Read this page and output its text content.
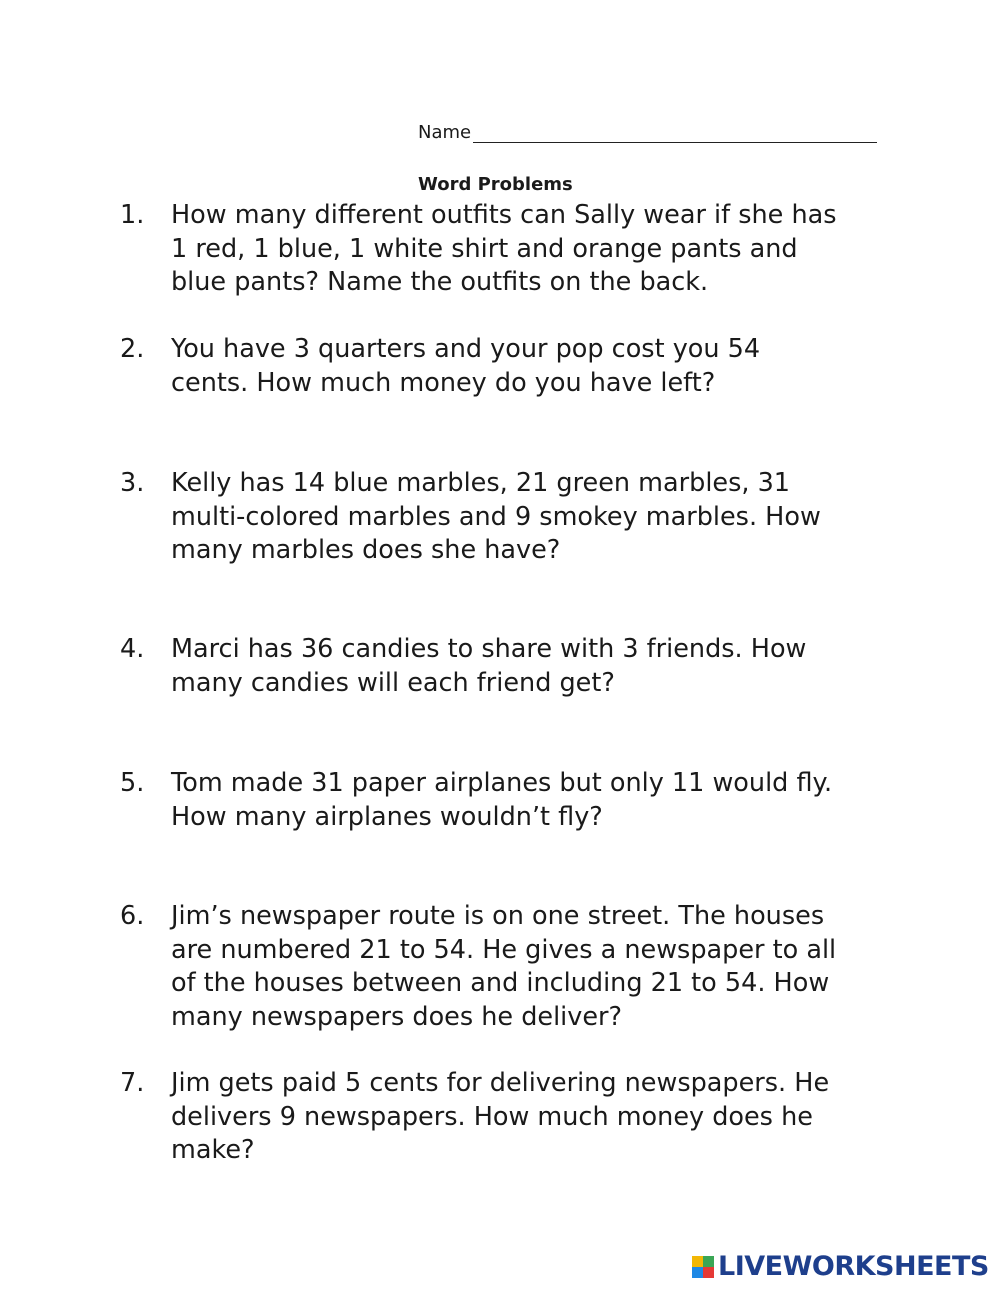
Name
Word Problems
1.	How many different outfits can Sally wear if she has
1 red, 1 blue, 1 white shirt and orange pants and
blue pants? Name the outfits on the back.
2.	You have 3 quarters and your pop cost you 54
cents. How much money do you have left?
3.	Kelly has 14 blue marbles, 21 green marbles, 31
multi-colored marbles and 9 smokey marbles. How
many marbles does she have?
4.	Marci has 36 candies to share with 3 friends. How
many candies will each friend get?
5.	Tom made 31 paper airplanes but only 11 would fly.
How many airplanes wouldn’t fly?
6.	Jim’s newspaper route is on one street. The houses
are numbered 21 to 54. He gives a newspaper to all
of the houses between and including 21 to 54. How
many newspapers does he deliver?
7.	Jim gets paid 5 cents for delivering newspapers. He
delivers 9 newspapers. How much money does he
make?
LIVEWORKSHEETS
